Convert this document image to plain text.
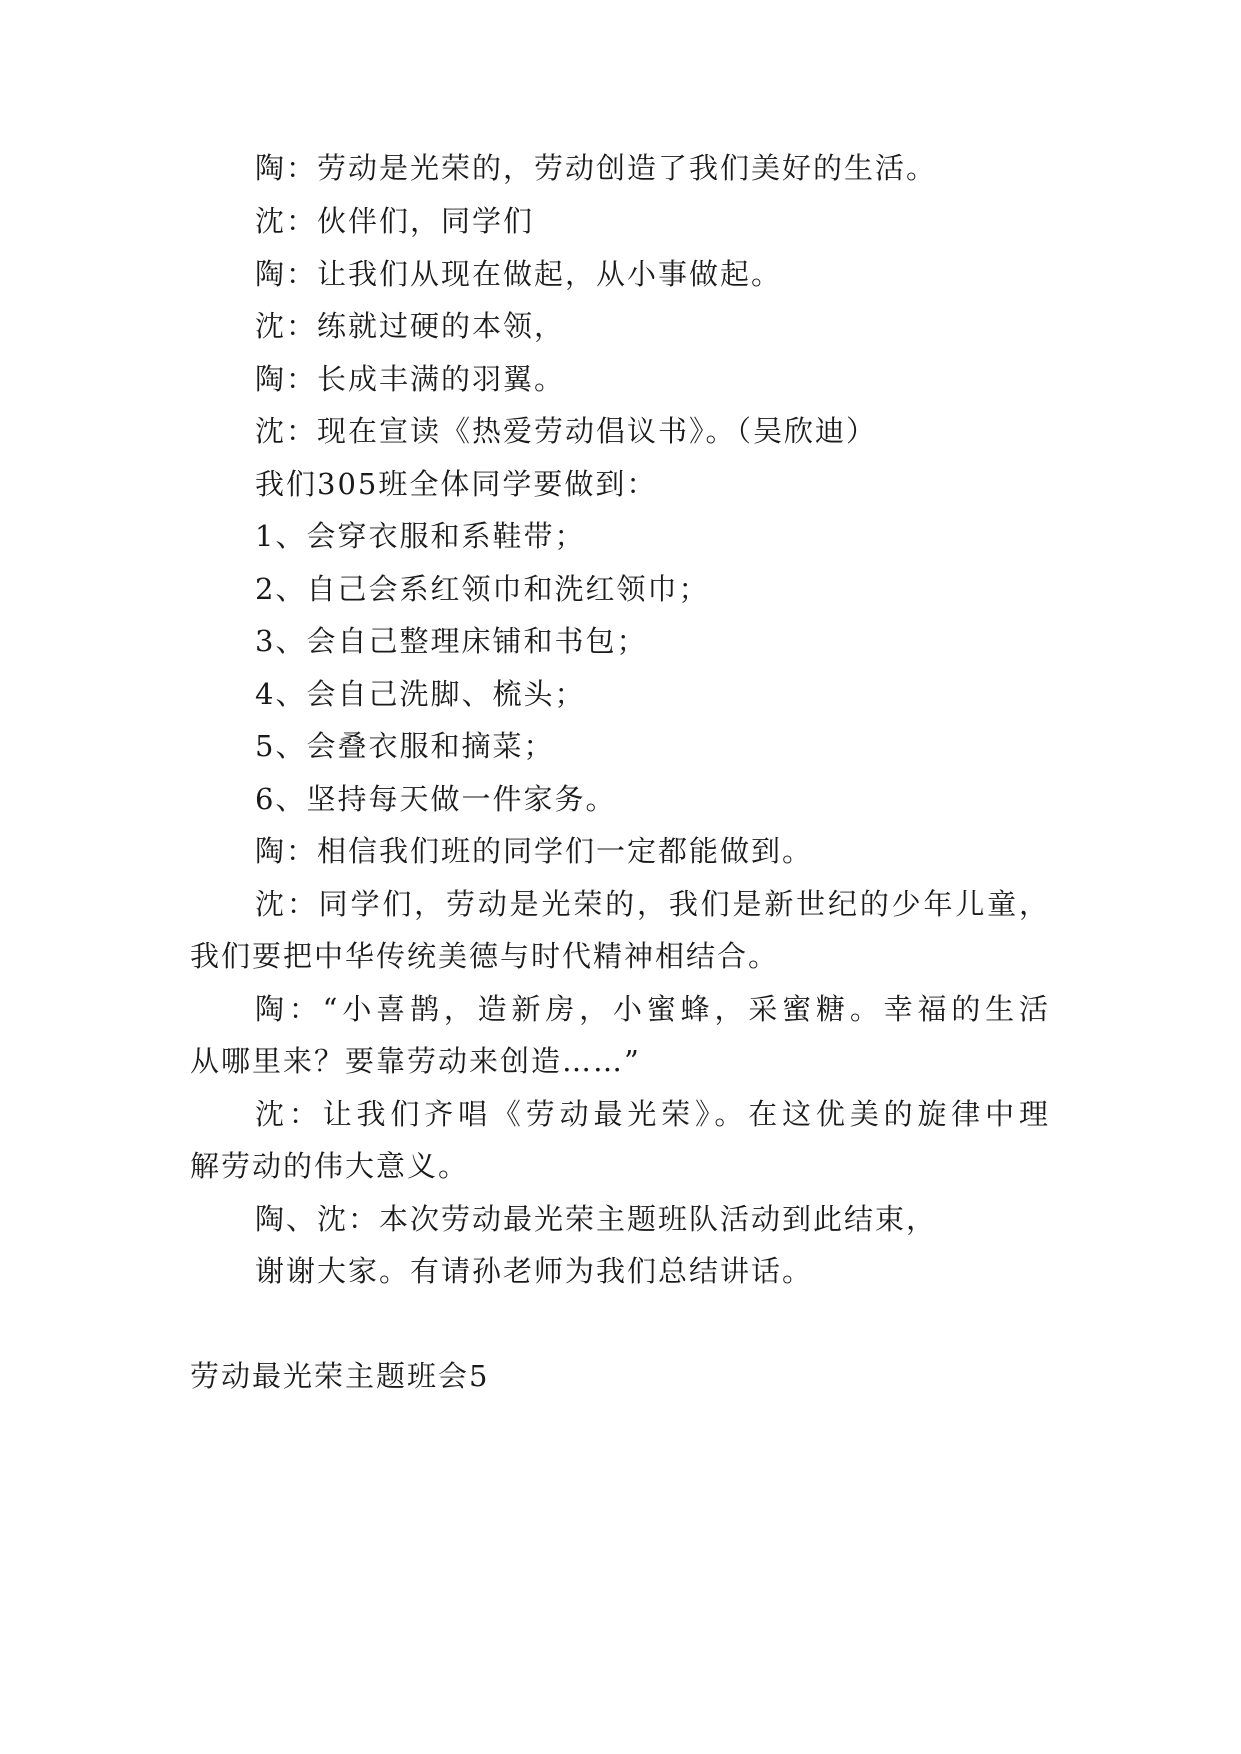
陶：劳动是光荣的，劳动创造了我们美好的生活。
沈：伙伴们，同学们
陶：让我们从现在做起，从小事做起。
沈：练就过硬的本领，
陶：长成丰满的羽翼。
沈：现在宣读《热爱劳动倡议书》。（吴欣迪）
我们305班全体同学要做到：
1、会穿衣服和系鞋带；
2、自己会系红领巾和洗红领巾；
3、会自己整理床铺和书包；
4、会自己洗脚、梳头；
5、会叠衣服和摘菜；
6、坚持每天做一件家务。
陶：相信我们班的同学们一定都能做到。
沈：同学们，劳动是光荣的，我们是新世纪的少年儿童，
我们要把中华传统美德与时代精神相结合。
陶：“小喜鹊，造新房，小蜜蜂，采蜜糖。幸福的生活
从哪里来？要靠劳动来创造……”
沈：让我们齐唱《劳动最光荣》。在这优美的旋律中理
解劳动的伟大意义。
陶、沈：本次劳动最光荣主题班队活动到此结束，
谢谢大家。有请孙老师为我们总结讲话。
劳动最光荣主题班会5
